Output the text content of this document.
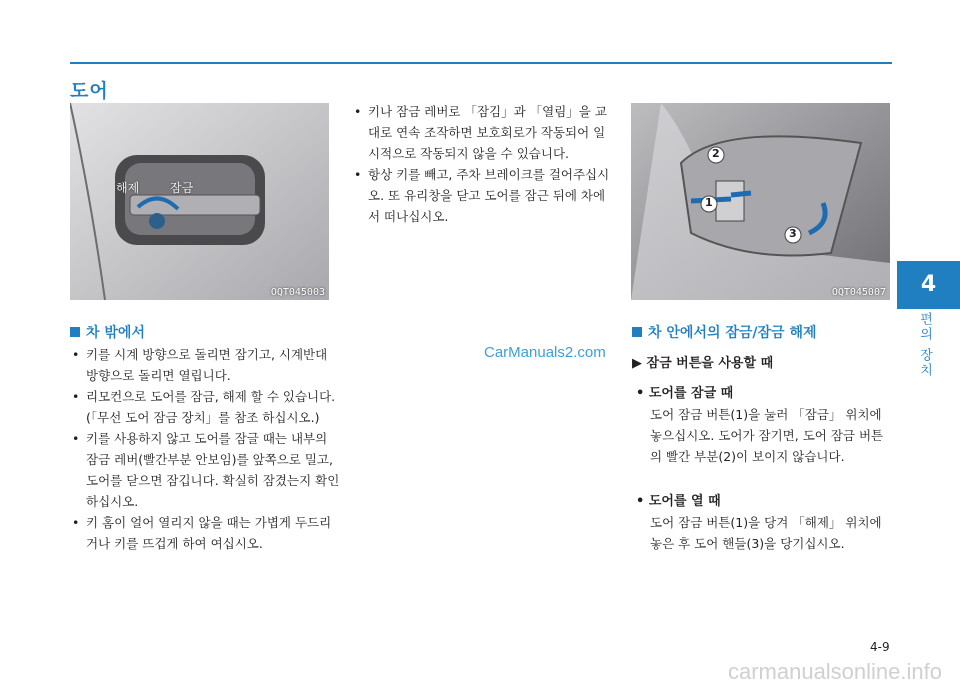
도어
4
편의 장치
해제	잠금
OQT045003
2
1
3
OQT045007
차 밖에서
• 키를 시계 방향으로 돌리면 잠기고, 시계반대 방향으로 돌리면 열립니다.
• 리모컨으로 도어를 잠금, 해제 할 수 있습니다. (「무선 도어 잠금 장치」를 참조 하십시오.)
• 키를 사용하지 않고 도어를 잠글 때는 내부의 잠금 레버(빨간부분 안보임)를 앞쪽으로 밀고, 도어를 닫으면 잠깁니다. 확실히 잠겼는지 확인하십시오.
• 키 홈이 얼어 열리지 않을 때는 가볍게 두드리거나 키를 뜨겁게 하여 여십시오.
• 키나 잠금 레버로 「잠김」과 「열림」을 교대로 연속 조작하면 보호회로가 작동되어 일시적으로 작동되지 않을 수 있습니다.
• 항상 키를 빼고, 주차 브레이크를 걸어주십시오. 또 유리창을 닫고 도어를 잠근 뒤에 차에서 떠나십시오.
CarManuals2.com
차 안에서의 잠금/잠금 해제
▶ 잠금 버튼을 사용할 때
• 도어를 잠글 때
도어 잠금 버튼(1)을 눌러 「잠금」 위치에 놓으십시오. 도어가 잠기면, 도어 잠금 버튼의 빨간 부분(2)이 보이지 않습니다.
• 도어를 열 때
도어 잠금 버튼(1)을 당겨 「해제」 위치에 놓은 후 도어 핸들(3)을 당기십시오.
4-9
carmanualsonline.info
